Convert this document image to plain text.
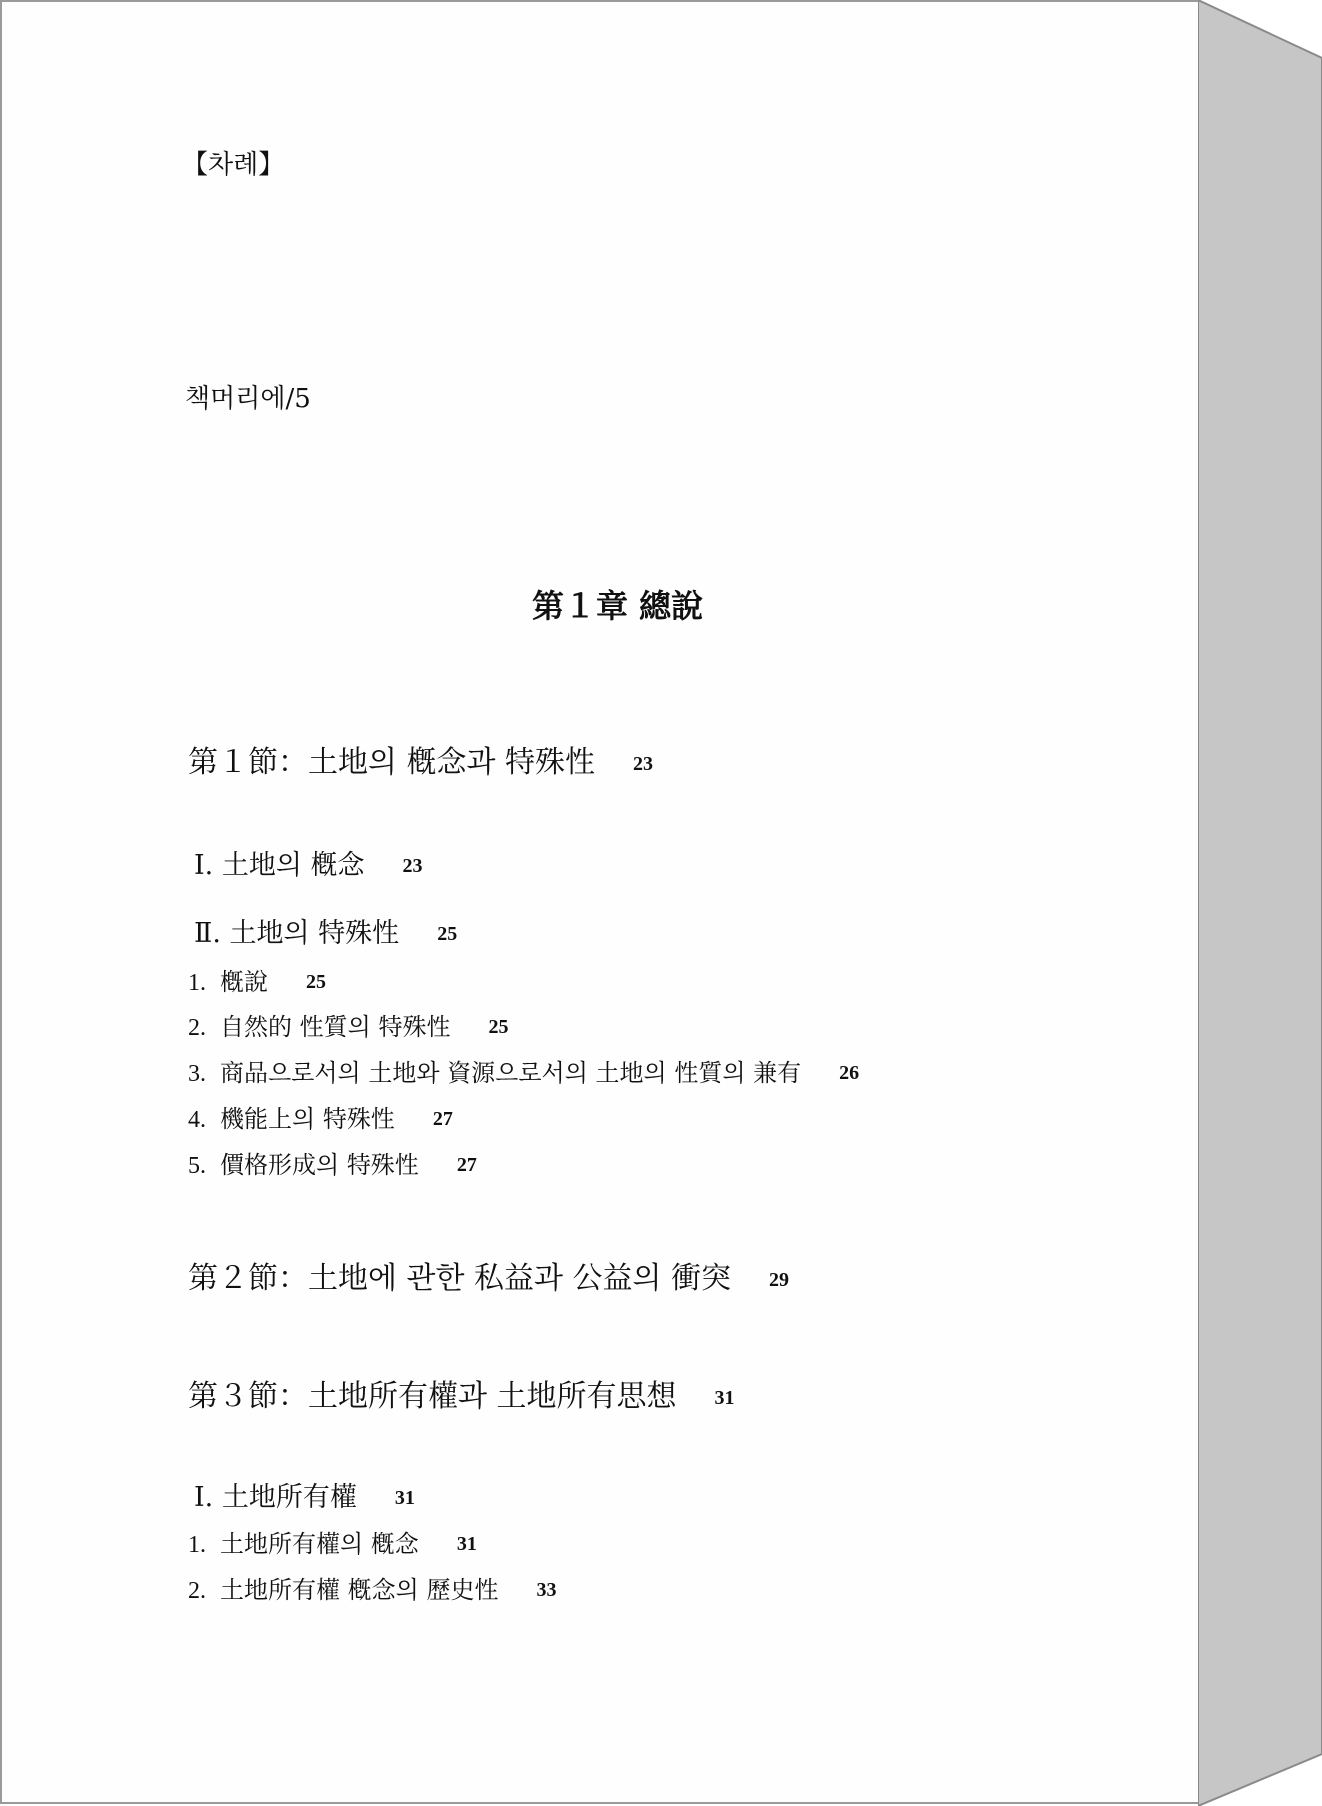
【차례】
책머리에/5
第１章 總說
第１節：土地의 槪念과 特殊性 23
Ⅰ. 土地의 槪念 23
Ⅱ. 土地의 特殊性 25
1. 槪說 25
2. 自然的 性質의 特殊性 25
3. 商品으로서의 土地와 資源으로서의 土地의 性質의 兼有 26
4. 機能上의 特殊性 27
5. 價格形成의 特殊性 27
第２節：土地에 관한 私益과 公益의 衝突 29
第３節：土地所有權과 土地所有思想 31
Ⅰ. 土地所有權 31
1. 土地所有權의 槪念 31
2. 土地所有權 槪念의 歷史性 33
